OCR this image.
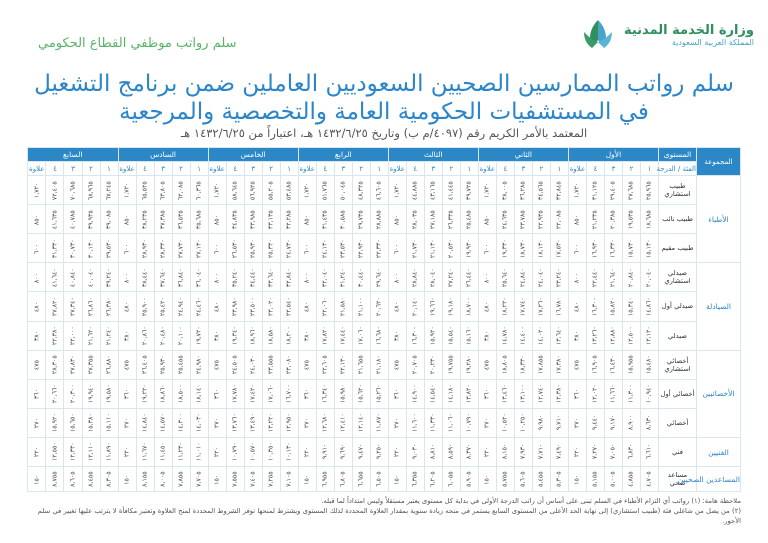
وزارة الخدمة المدنية
المملكة العربية السعودية
سلم رواتب موظفي القطاع الحكومي
سلم رواتب الممارسين الصحيين السعوديين العاملين ضمن برنامج التشغيل
في المستشفيات الحكومية العامة والتخصصية والمرجعية
المعتمد بالأمر الكريم رقم (٤٠٩٧/م ب) وتاريخ ١٤٣٢/٦/٢٥ هـ، اعتباراً من ١٤٣٢/٦/٢٥ هـ
المجموعة	المستوى	الأول					الثاني					الثالث					الرابع					الخامس					السادس					السابع				
	الفئة / الدرجة	١	٢	٣	٤	علاوة	١	٢	٣	٤	علاوة	١	٢	٣	٤	علاوة	١	٢	٣	٤	علاوة	١	٢	٣	٤	علاوة	١	٢	٣	٤	علاوة	١	٢	٣	٤	علاوة
الأطباء	طبيب استشاري	٢٥,٩٦٥	٢٧,٦٨٥	٢٩,٤٠٥	٣١,١٢٥	١,٧٢٠	٣٢,٨٤٥	٣٤,٥٦٥	٣٦,٢٨٥	٣٨,٠٠٥	١,٧٢٠	٣٩,٧٢٥	٤١,٤٤٥	٤٣,١٦٥	٤٤,٨٨٥	١,٧٢٠	٤٦,٦٠٥	٤٨,٣٢٥	٥٠,٠٤٥	٥١,٧٦٥	١,٧٢٠	٥٣,٤٨٥	٥٥,٢٠٥	٥٦,٩٢٥	٥٨,٦٤٥	١,٧٢٠	٦٠,٣٦٥	٦٢,٠٨٥	٦٣,٨٠٥	٦٥,٥٢٥	١,٧٢٠	٦٧,٢٤٥	٦٨,٩٦٥	٧٠,٦٨٥	٧٢,٤٠٥	١,٧٢٠
	طبيب نائب	١٨,٦٨٥	١٩,٥٣٥	٢٠,٣٨٥	٢١,٢٣٥	٨٥٠	٢٢,٠٨٥	٢٢,٩٣٥	٢٣,٧٨٥	٢٤,٦٣٥	٨٥٠	٢٥,٤٨٥	٢٦,٣٣٥	٢٧,١٨٥	٢٨,٠٣٥	٨٥٠	٢٨,٨٨٥	٢٩,٧٣٥	٣٠,٥٨٥	٣١,٤٣٥	٨٥٠	٣٢,٢٨٥	٣٣,١٣٥	٣٣,٩٨٥	٣٤,٨٣٥	٨٥٠	٣٥,٦٨٥	٣٦,٥٣٥	٣٧,٣٨٥	٣٨,٢٣٥	٨٥٠	٣٩,٠٨٥	٣٩,٩٣٥	٤٠,٧٨٥	٤١,٦٣٥	٨٥٠
	طبيب مقيم	١٥,١٣٠	١٥,٧٣٠	١٦,٣٣٠	١٦,٩٣٠	٦٠٠	١٧,٥٣٠	١٨,١٣٠	١٨,٧٣٠	١٩,٣٣٠	٦٠٠	١٩,٩٣٠	٢٠,٥٣٠	٢١,١٣٠	٢١,٧٣٠	٦٠٠	٢٢,٣٣٠	٢٢,٩٣٠	٢٣,٥٣٠	٢٤,١٣٠	٦٠٠	٢٤,٧٣٠	٢٥,٣٣٠	٢٥,٩٣٠	٢٦,٥٣٠	٦٠٠	٢٧,١٣٠	٢٧,٧٣٠	٢٨,٣٣٠	٢٨,٩٣٠	٦٠٠	٢٩,٥٣٠	٣٠,١٣٠	٣٠,٧٣٠	٣١,٣٣٠	٦٠٠
الصيادلة	صيدلي استشاري	٢٠,٠٤٠	٢٠,٨٤٠	٢١,٦٤٠	٢٢,٤٤٠	٨٠٠	٢٣,٢٤٠	٢٤,٠٤٠	٢٤,٨٤٠	٢٥,٦٤٠	٨٠٠	٢٦,٤٤٠	٢٧,٢٤٠	٢٨,٠٤٠	٢٨,٨٤٠	٨٠٠	٢٩,٦٤٠	٣٠,٤٤٠	٣١,٢٤٠	٣٢,٠٤٠	٨٠٠	٣٢,٨٤٠	٣٣,٦٤٠	٣٤,٤٤٠	٣٥,٢٤٠	٨٠٠	٣٦,٠٤٠	٣٦,٨٤٠	٣٧,٦٤٠	٣٨,٤٤٠	٨٠٠	٣٩,٢٤٠	٤٠,٠٤٠	٤٠,٨٤٠	٤١,٦٤٠	٨٠٠
	صيدلي أول	١٤,٨٦٠	١٥,٣٤٠	١٥,٨٢٠	١٦,٣٠٠	٤٨٠	١٦,٧٨٠	١٧,٢٦٠	١٧,٧٤٠	١٨,٢٢٠	٤٨٠	١٨,٧٠٠	١٩,١٨٠	١٩,٦٦٠	٢٠,١٤٠	٤٨٠	٢٠,٦٢٠	٢١,١٠٠	٢١,٥٨٠	٢٢,٠٦٠	٤٨٠	٢٢,٥٤٠	٢٣,٠٢٠	٢٣,٥٠٠	٢٣,٩٨٠	٤٨٠	٢٤,٤٦٠	٢٤,٩٤٠	٢٥,٤٢٠	٢٥,٩٠٠	٤٨٠	٢٦,٣٨٠	٢٦,٨٦٠	٢٧,٣٤٠	٢٧,٨٢٠	٤٨٠
	صيدلي	١٢,١٢٠	١٢,٥٠٠	١٢,٨٨٠	١٣,٢٦٠	٣٨٠	١٣,٦٤٠	١٤,٠٢٠	١٤,٤٠٠	١٤,٧٨٠	٣٨٠	١٥,١٦٠	١٥,٥٤٠	١٥,٩٢٠	١٦,٣٠٠	٣٨٠	١٦,٦٨٠	١٧,٠٦٠	١٧,٤٤٠	١٧,٨٢٠	٣٨٠	١٨,٢٠٠	١٨,٥٨٠	١٨,٩٦٠	١٩,٣٤٠	٣٨٠	١٩,٧٢٠	٢٠,١٠٠	٢٠,٤٨٠	٢٠,٨٦٠	٣٨٠	٢١,٢٤٠	٢١,٦٢٠	٢٢,٠٠٠	٢٢,٣٨٠	٣٨٠
الأخصائيين	أخصائي استشاري	١٥,٤٨٠	١٥,٩٥٥	١٦,٤٣٠	١٦,٩٠٥	٤٧٥	١٧,٣٨٠	١٧,٨٥٥	١٨,٣٣٠	١٨,٨٠٥	٤٧٥	١٩,٢٨٠	١٩,٧٥٥	٢٠,٢٣٠	٢٠,٧٠٥	٤٧٥	٢١,١٨٠	٢١,٦٥٥	٢٢,١٣٠	٢٢,٦٠٥	٤٧٥	٢٣,٠٨٠	٢٣,٥٥٥	٢٤,٠٣٠	٢٤,٥٠٥	٤٧٥	٢٤,٩٨٠	٢٥,٤٥٥	٢٥,٩٣٠	٢٦,٤٠٥	٤٧٥	٢٦,٨٨٠	٢٧,٣٥٥	٢٧,٨٣٠	٢٨,٣٠٥	٤٧٥
	أخصائي أول	١٠,٩٤٠	١١,٣٠٠	١١,٦٦٠	١٢,٠٢٠	٣٦٠	١٢,٣٨٠	١٢,٧٤٠	١٣,١٠٠	١٣,٤٦٠	٣٦٠	١٣,٨٢٠	١٤,١٨٠	١٤,٥٤٠	١٤,٩٠٠	٣٦٠	١٥,٢٦٠	١٥,٦٢٠	١٥,٩٨٠	١٦,٣٤٠	٣٦٠	١٦,٧٠٠	١٧,٠٦٠	١٧,٤٢٠	١٧,٧٨٠	٣٦٠	١٨,١٤٠	١٨,٥٠٠	١٨,٨٦٠	١٩,٢٢٠	٣٦٠	١٩,٥٨٠	١٩,٩٤٠	٢٠,٣٠٠	٢٠,٦٦٠	٣٦٠
	أخصائي	٨,٦٣٠	٨,٩٠٠	٩,١٧٠	٩,٤٤٠	٢٧٠	٩,٧١٠	٩,٩٨٠	١٠,٢٥٠	١٠,٥٢٠	٢٧٠	١٠,٧٩٠	١١,٠٦٠	١١,٣٣٠	١١,٦٠٠	٢٧٠	١١,٨٧٠	١٢,١٤٠	١٢,٤١٠	١٢,٦٨٠	٢٧٠	١٢,٩٥٠	١٣,٢٢٠	١٣,٤٩٠	١٣,٧٦٠	٢٧٠	١٤,٠٣٠	١٤,٣٠٠	١٤,٥٧٠	١٤,٨٤٠	٢٧٠	١٥,١١٠	١٥,٣٨٠	١٥,٦٥٠	١٥,٩٢٠	٢٧٠
الفنيين	فني	٦,٦١٠	٦,٨٣٠	٧,٠٥٠	٧,٢٧٠	٢٢٠	٧,٤٩٠	٧,٧١٠	٧,٩٣٠	٨,١٥٠	٢٢٠	٨,٣٧٠	٨,٥٩٠	٨,٨١٠	٩,٠٣٠	٢٢٠	٩,٢٥٠	٩,٤٧٠	٩,٦٩٠	٩,٩١٠	٢٢٠	١٠,١٣٠	١٠,٣٥٠	١٠,٥٧٠	١٠,٧٩٠	٢٢٠	١١,٠١٠	١١,٢٣٠	١١,٤٥٠	١١,٦٧٠	٢٢٠	١١,٨٩٠	١٢,١١٠	١٢,٣٣٠	١٢,٥٥٠	٢٢٠
المساعدين الصحيين	مساعد صحي	٤,٧٠٥	٤,٨٥٥	٥,٠٠٥	٥,١٥٥	١٥٠	٥,٣٠٥	٥,٤٥٥	٥,٦٠٥	٥,٧٥٥	١٥٠	٥,٩٠٥	٦,٠٥٥	٦,٢٠٥	٦,٣٥٥	١٥٠	٦,٥٠٥	٦,٦٥٥	٦,٨٠٥	٦,٩٥٥	١٥٠	٧,١٠٥	٧,٢٥٥	٧,٤٠٥	٧,٥٥٥	١٥٠	٧,٧٠٥	٧,٨٥٥	٨,٠٠٥	٨,١٥٥	١٥٠	٨,٣٠٥	٨,٤٥٥	٨,٦٠٥	٨,٧٥٥	١٥٠
ملاحظة هامة: (١) رواتب أي التزام الأطباء في السلم تبنى على أساس أن راتب الدرجة الأولى في بداية كل مستوى يعتبر مستقلاً وليس امتداداً لما قبله.
(٢) من يصل من شاغلي فئة (طبيب استشاري) إلى نهاية الحد الأعلى من المستوى السابع يستمر في منحه زيادة سنوية بمقدار العلاوة المحددة لذلك المستوى ويشترط لمنحها توفر الشروط المحددة لمنح العلاوة وتعتبر مكافأة لا يترتب عليها تغيير في سلم الأجور.
